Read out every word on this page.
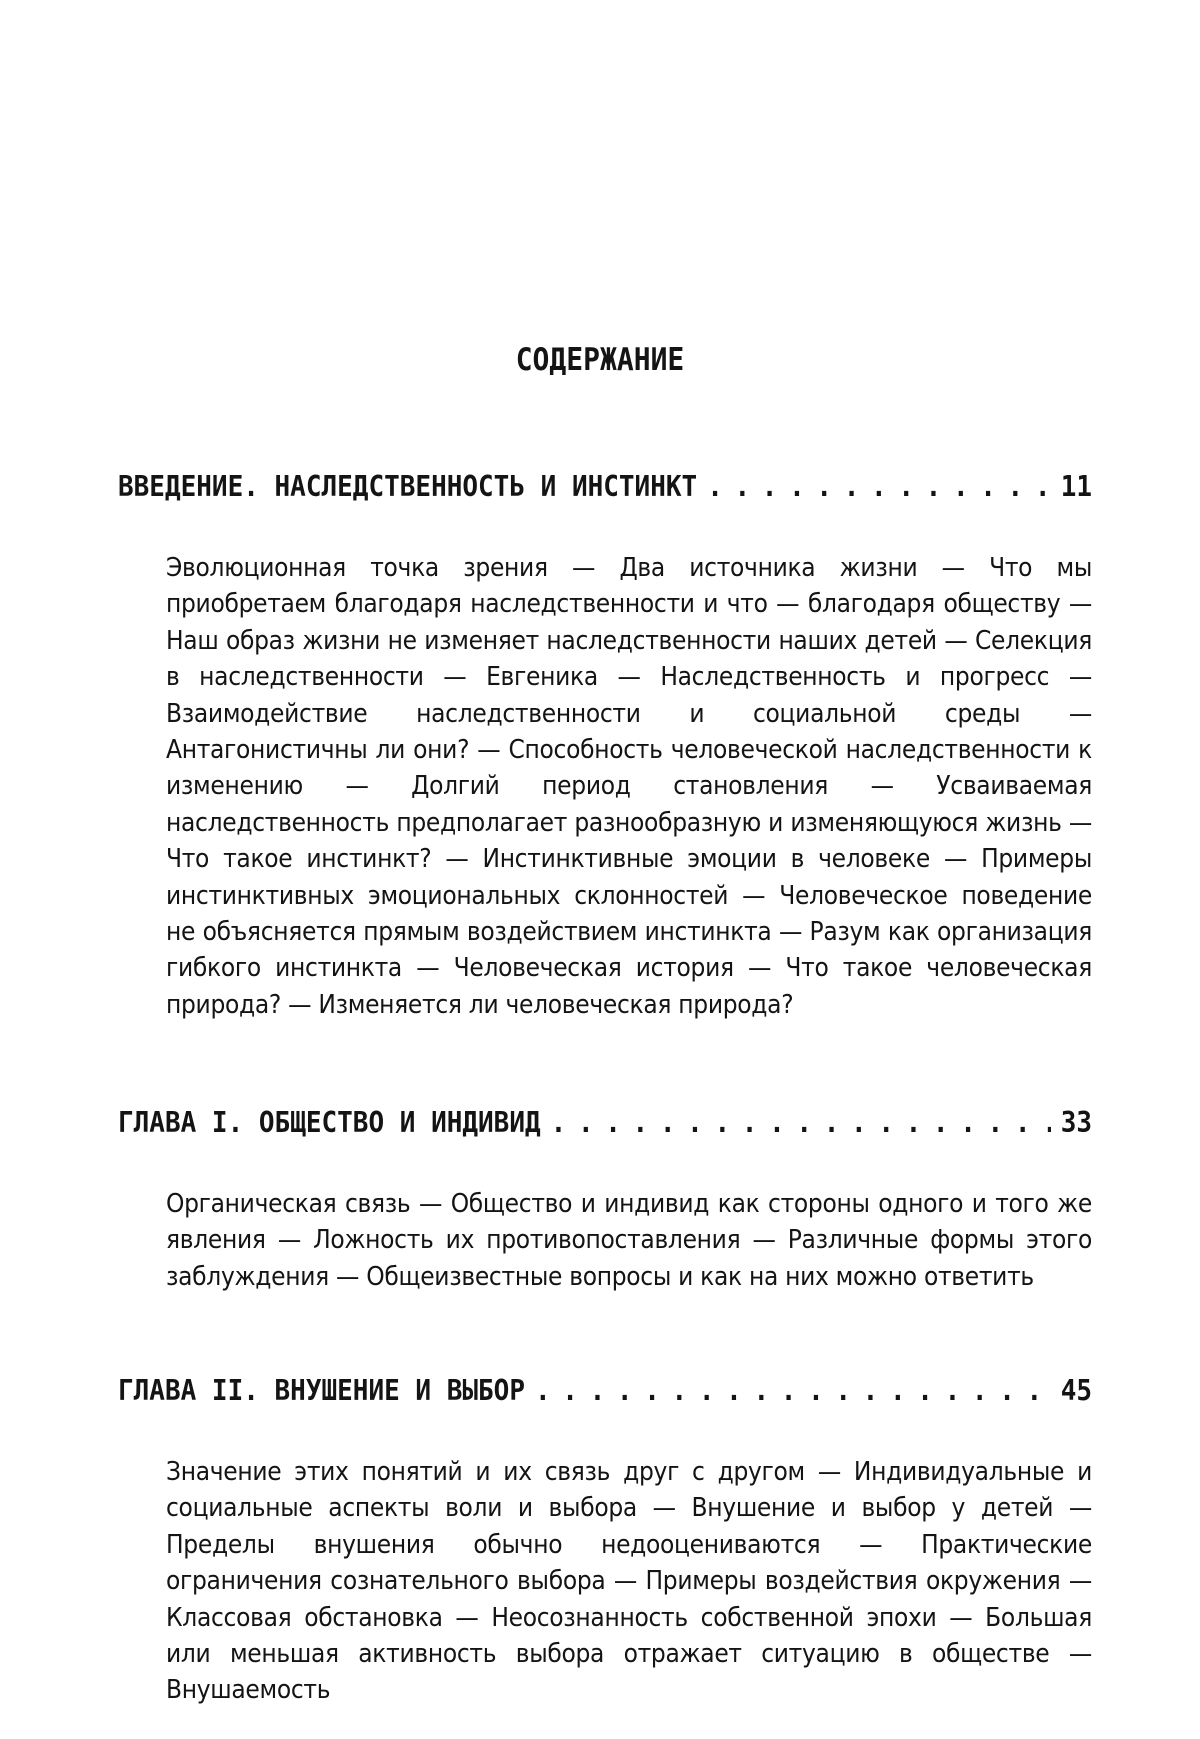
СОДЕРЖАНИЕ
ВВЕДЕНИЕ. НАСЛЕДСТВЕННОСТЬ И ИНСТИНКТ . . .	11
Эволюционная точка зрения — Два источника жизни — Что мы приобретаем благодаря наследственности и что — благодаря обществу — Наш образ жизни не изменяет наследственности наших детей — Селекция в наследственности — Евгеника — Наследственность и прогресс — Взаимодействие наследственности и социальной среды — Антагонистичны ли они? — Способность человеческой наследственности к изменению — Долгий период становления — Усваиваемая наследственность предполагает разнообразную и изменяющуюся жизнь — Что такое инстинкт? — Инстинктивные эмоции в человеке — Примеры инстинктивных эмоциональных склонностей — Человеческое поведение не объясняется прямым воздействием инстинкта — Разум как организация гибкого инстинкта — Человеческая история — Что такое человеческая природа? — Изменяется ли человеческая природа?
ГЛАВА I. ОБЩЕСТВО И ИНДИВИД . . .	33
Органическая связь — Общество и индивид как стороны одного и того же явления — Ложность их противопоставления — Различные формы этого заблуждения — Общеизвестные вопросы и как на них можно ответить
ГЛАВА II. ВНУШЕНИЕ И ВЫБОР . . .	45
Значение этих понятий и их связь друг с другом — Индивидуальные и социальные аспекты воли и выбора — Внушение и выбор у детей — Пределы внушения обычно недооцениваются — Практические ограничения сознательного выбора — Примеры воздействия окружения — Классовая обстановка — Неосознанность собственной эпохи — Большая или меньшая активность выбора отражает ситуацию в обществе — Внушаемость
